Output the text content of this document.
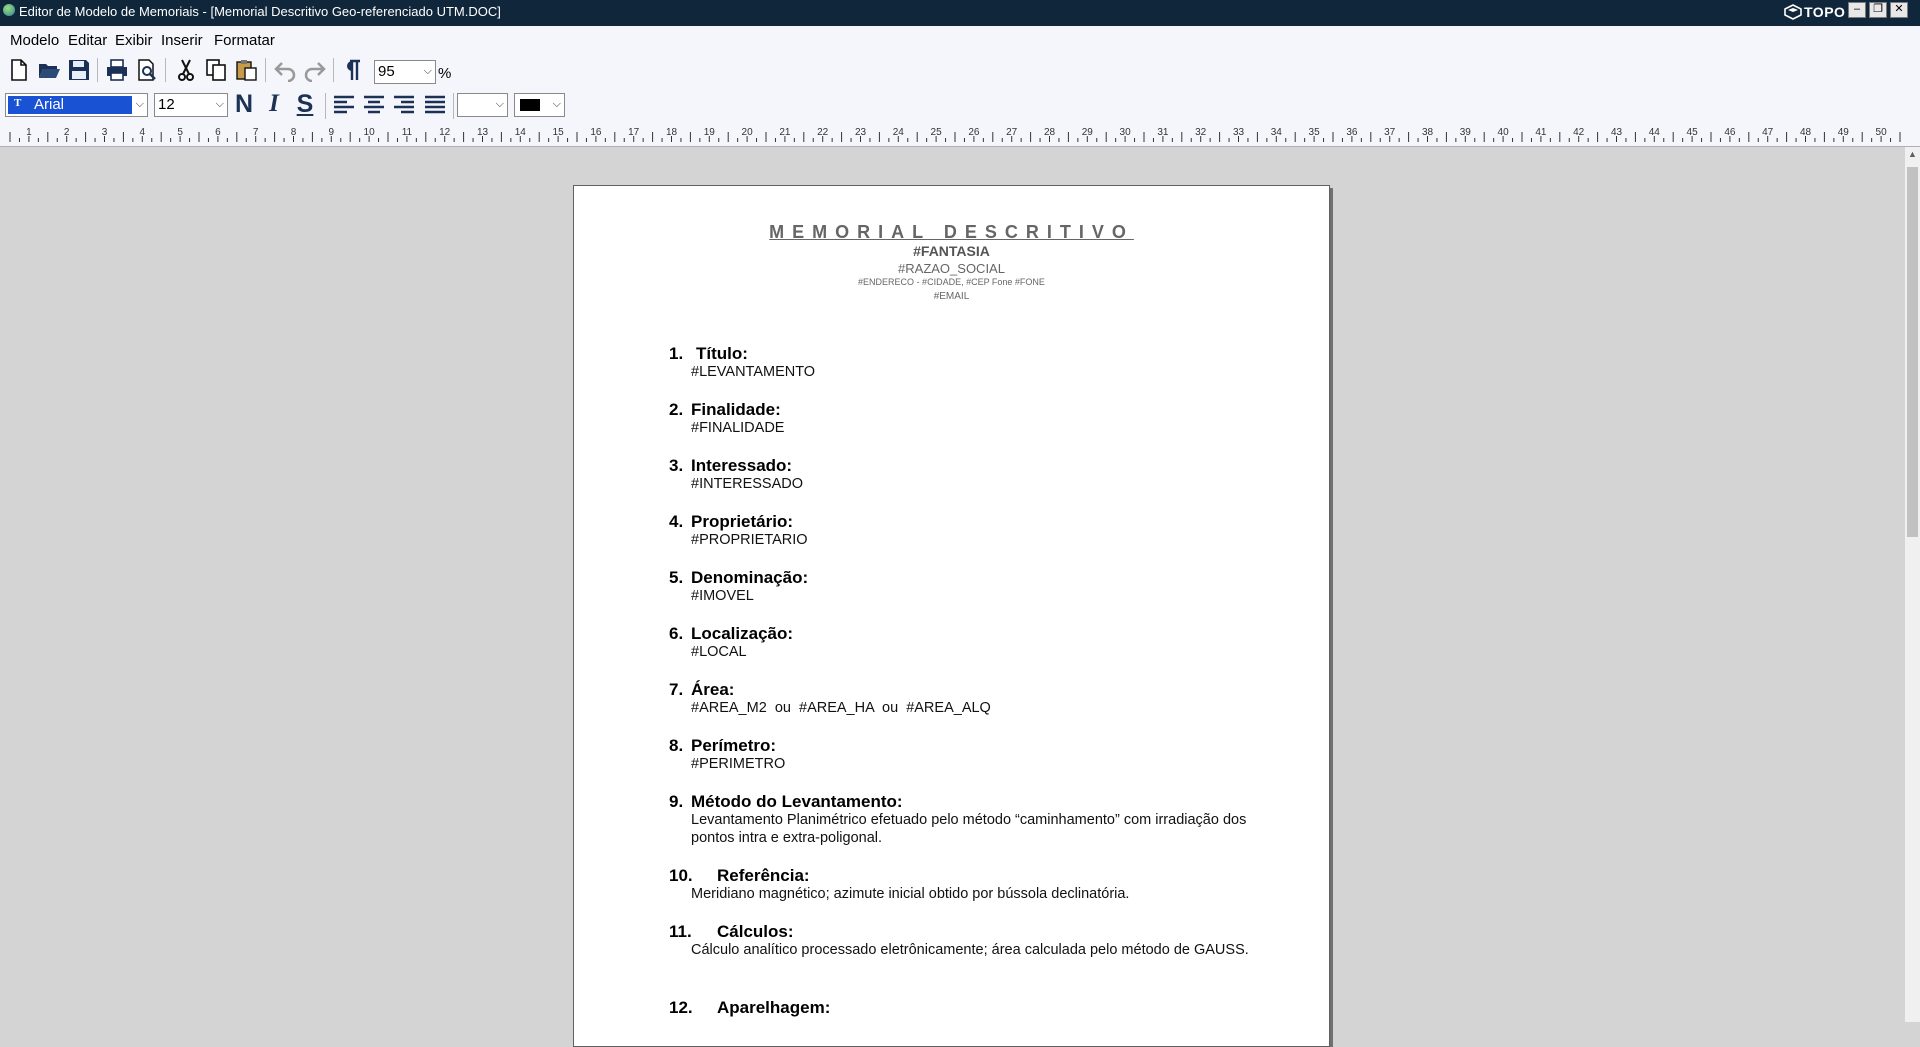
Editor de Modelo de Memoriais - [Memorial Descritivo Geo-referenciado UTM.DOC]	TOPO –	❐	✕
Modelo Editar Exibir Inserir Formatar
95	⌵ %
T Arial	⌵ 12	⌵ N I S	⌵	⌵
1	2	3	4	5	6	7	8	9	10	11	12	13	14	15	16	17	18	19	20	21	22	23	24	25	26	27	28	29	30	31	32	33	34	35	36	37	38	39	40	41	42	43	44	45	46	47	48	49	50
▲
MEMORIAL DESCRITIVO
#FANTASIA
#RAZAO_SOCIAL
#ENDERECO - #CIDADE, #CEP Fone #FONE
#EMAIL
1. Título:
#LEVANTAMENTO
2. Finalidade:
#FINALIDADE
3. Interessado:
#INTERESSADO
4. Proprietário:
#PROPRIETARIO
5. Denominação:
#IMOVEL
6. Localização:
#LOCAL
7. Área:
#AREA_M2  ou  #AREA_HA  ou  #AREA_ALQ
8. Perímetro:
#PERIMETRO
9. Método do Levantamento:
Levantamento Planimétrico efetuado pelo método “caminhamento” com irradiação dos pontos intra e extra-poligonal.
10. Referência:
Meridiano magnético; azimute inicial obtido por bússola declinatória.
11. Cálculos:
Cálculo analítico processado eletrônicamente; área calculada pelo método de GAUSS.
12. Aparelhagem:
